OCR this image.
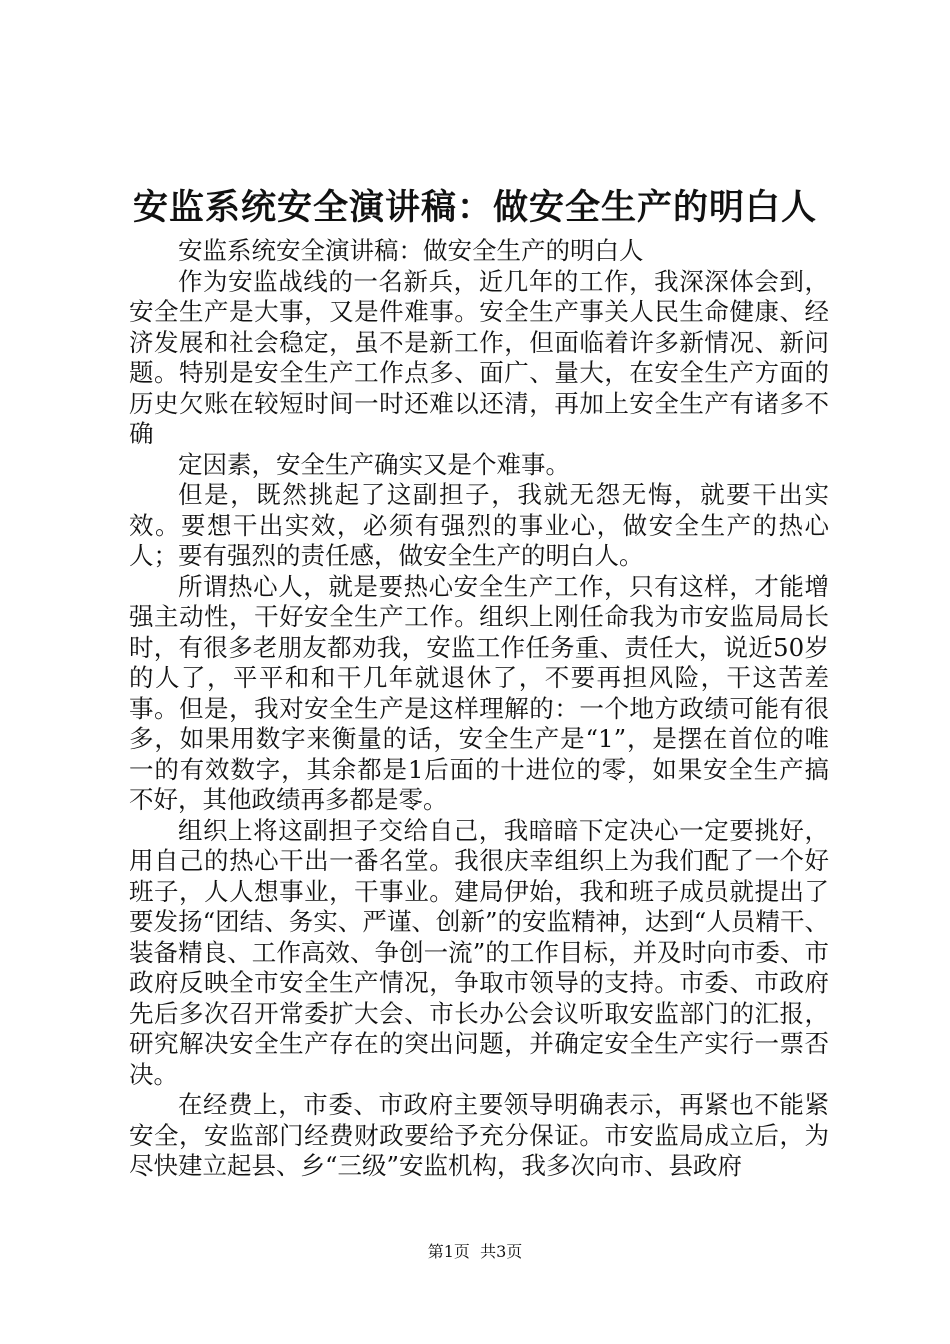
安监系统安全演讲稿：做安全生产的明白人

安监系统安全演讲稿：做安全生产的明白人

作为安监战线的一名新兵，近几年的工作，我深深体会到，安全生产是大事，又是件难事。安全生产事关人民生命健康、经济发展和社会稳定，虽不是新工作，但面临着许多新情况、新问题。特别是安全生产工作点多、面广、量大，在安全生产方面的历史欠账在较短时间一时还难以还清，再加上安全生产有诸多不确

定因素，安全生产确实又是个难事。

但是，既然挑起了这副担子，我就无怨无悔，就要干出实效。要想干出实效，必须有强烈的事业心，做安全生产的热心人；要有强烈的责任感，做安全生产的明白人。

所谓热心人，就是要热心安全生产工作，只有这样，才能增强主动性，干好安全生产工作。组织上刚任命我为市安监局局长时，有很多老朋友都劝我，安监工作任务重、责任大，说近50岁的人了，平平和和干几年就退休了，不要再担风险，干这苦差事。但是，我对安全生产是这样理解的：一个地方政绩可能有很多，如果用数字来衡量的话，安全生产是“1”，是摆在首位的唯一的有效数字，其余都是1后面的十进位的零，如果安全生产搞不好，其他政绩再多都是零。

组织上将这副担子交给自己，我暗暗下定决心一定要挑好，用自己的热心干出一番名堂。我很庆幸组织上为我们配了一个好班子，人人想事业，干事业。建局伊始，我和班子成员就提出了要发扬“团结、务实、严谨、创新”的安监精神，达到“人员精干、装备精良、工作高效、争创一流”的工作目标，并及时向市委、市政府反映全市安全生产情况，争取市领导的支持。市委、市政府先后多次召开常委扩大会、市长办公会议听取安监部门的汇报，研究解决安全生产存在的突出问题，并确定安全生产实行一票否决。

在经费上，市委、市政府主要领导明确表示，再紧也不能紧安全，安监部门经费财政要给予充分保证。市安监局成立后，为尽快建立起县、乡“三级”安监机构，我多次向市、县政府

第1页  共3页
